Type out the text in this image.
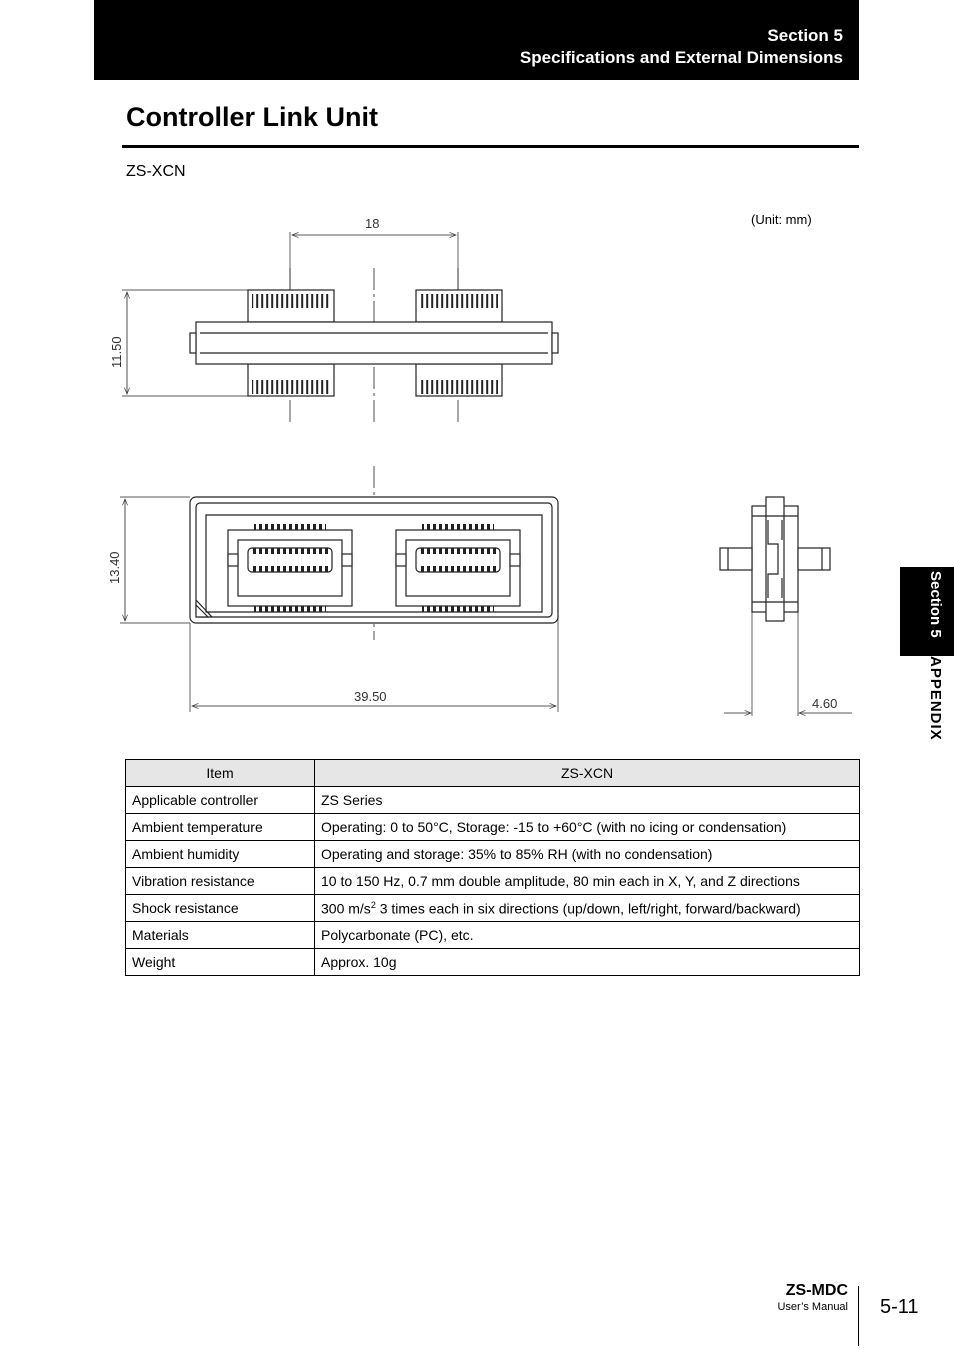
Section 5
Specifications and External Dimensions
Controller Link Unit
ZS-XCN
(Unit: mm)
18
11.50
13.40
39.50	4.60
Item	ZS-XCN
Applicable controller	ZS Series
Ambient temperature	Operating: 0 to 50°C, Storage: -15 to +60°C (with no icing or condensation)
Ambient humidity	Operating and storage: 35% to 85% RH (with no condensation)
Vibration resistance	10 to 150 Hz, 0.7 mm double amplitude, 80 min each in X, Y, and Z directions
Shock resistance	300 $m/s^2$ 3 times each in six directions (up/down, left/right, forward/backward)
Materials	Polycarbonate (PC), etc.
Weight	Approx. 10g
Section 5 APPENDIX
ZS-MDC
User’s Manual 5-11
